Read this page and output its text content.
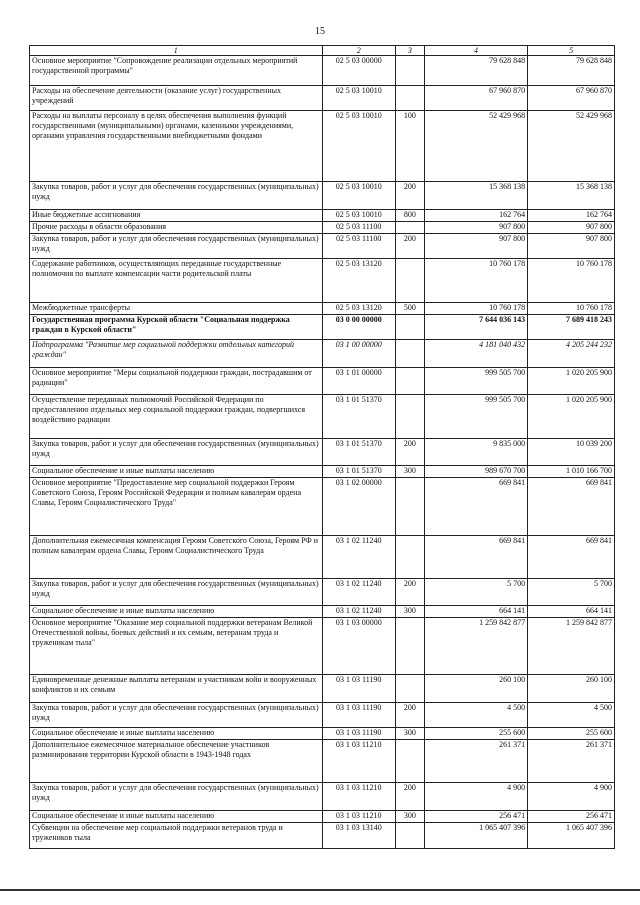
15
1	2	3	4	5
Основное мероприятие "Сопровождение реализации отдельных мероприятий государственной программы"	02 5 03 00000		79 628 848	79 628 848
Расходы на обеспечение деятельности (оказание услуг) государственных учреждений	02 5 03 10010		67 960 870	67 960 870
Расходы на выплаты персоналу в целях обеспечения выполнения функций государственными (муниципальными) органами, казенными учреждениями, органами управления государственными внебюджетными фондами	02 5 03 10010	100	52 429 968	52 429 968
Закупка товаров, работ и услуг для обеспечения государственных (муниципальных) нужд	02 5 03 10010	200	15 368 138	15 368 138
Иные бюджетные ассигнования	02 5 03 10010	800	162 764	162 764
Прочие расходы в области образования	02 5 03 11100		907 800	907 800
Закупка товаров, работ и услуг для обеспечения государственных (муниципальных) нужд	02 5 03 11100	200	907 800	907 800
Содержание работников, осуществляющих переданные государственные полномочия по выплате компенсации части родительской платы	02 5 03 13120		10 760 178	10 760 178
Межбюджетные трансферты	02 5 03 13120	500	10 760 178	10 760 178
Государственная программа Курской области "Социальная поддержка граждан в Курской области"	03 0 00 00000		7 644 036 143	7 689 418 243
Подпрограмма "Развитие мер социальной поддержки отдельных категорий граждан"	03 1 00 00000		4 181 040 432	4 205 244 232
Основное мероприятие "Меры социальной поддержки граждан, пострадавшим от радиации"	03 1 01 00000		999 505 700	1 020 205 900
Осуществление переданных полномочий Российской Федерации по предоставлению отдельных мер социальной поддержки граждан, подвергшихся воздействию радиации	03 1 01 51370		999 505 700	1 020 205 900
Закупка товаров, работ и услуг для обеспечения государственных (муниципальных) нужд	03 1 01 51370	200	9 835 000	10 039 200
Социальное обеспечение и иные выплаты населению	03 1 01 51370	300	989 670 700	1 010 166 700
Основное мероприятие "Предоставление мер социальной поддержки Героям Советского Союза, Героям Российской Федерации и полным кавалерам ордена Славы, Героям Социалистического Труда"	03 1 02 00000		669 841	669 841
Дополнительная ежемесячная компенсация Героям Советского Союза, Героям РФ и полным кавалерам ордена Славы, Героям Социалистического Труда	03 1 02 11240		669 841	669 841
Закупка товаров, работ и услуг для обеспечения государственных (муниципальных) нужд	03 1 02 11240	200	5 700	5 700
Социальное обеспечение и иные выплаты населению	03 1 02 11240	300	664 141	664 141
Основное мероприятие "Оказание мер социальной поддержки ветеранам Великой Отечественной войны, боевых действий и их семьям, ветеранам труда и труженикам тыла"	03 1 03 00000		1 259 842 877	1 259 842 877
Единовременные денежные выплаты ветеранам и участникам войн и вооруженных конфликтов и их семьям	03 1 03 11190		260 100	260 100
Закупка товаров, работ и услуг для обеспечения государственных (муниципальных) нужд	03 1 03 11190	200	4 500	4 500
Социальное обеспечение и иные выплаты населению	03 1 03 11190	300	255 600	255 600
Дополнительное ежемесячное материальное обеспечение участников разминирования территории Курской области в 1943-1948 годах	03 1 03 11210		261 371	261 371
Закупка товаров, работ и услуг для обеспечения государственных (муниципальных) нужд	03 1 03 11210	200	4 900	4 900
Социальное обеспечение и иные выплаты населению	03 1 03 11210	300	256 471	256 471
Субвенции на обеспечение мер социальной поддержки ветеранов труда и тружеников тыла	03 1 03 13140		1 065 407 396	1 065 407 396
